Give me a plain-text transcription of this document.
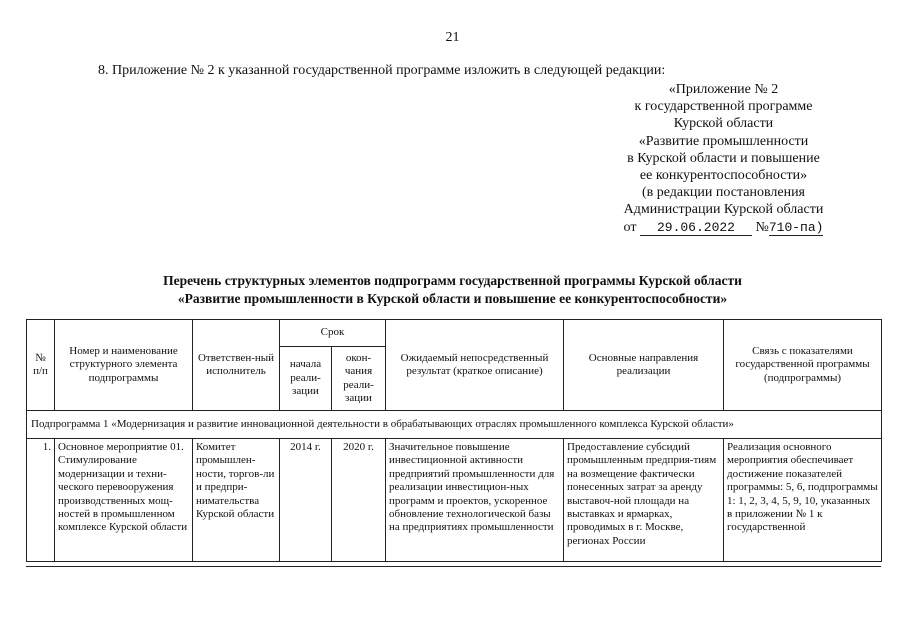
21
8. Приложение № 2 к указанной государственной программе изложить в следующей редакции:
«Приложение № 2
к государственной программе
Курской области
«Развитие промышленности
в Курской области и повышение
ее конкурентоспособности»
(в редакции постановления
Администрации Курской области
от 29.06.2022 №710-па)
Перечень структурных элементов подпрограмм государственной программы Курской области
«Развитие промышленности в Курской области и повышение ее конкурентоспособности»
№ п/п	Номер и наименование структурного элемента подпрограммы	Ответствен-ный исполнитель	Срок		Ожидаемый непосредственный результат (краткое описание)	Основные направления реализации	Связь с показателями государственной программы (подпрограммы)
			начала реали-зации	окон-чания реали-зации			
Подпрограмма 1 «Модернизация и развитие инновационной деятельности в обрабатывающих отраслях промышленного комплекса Курской области»							
1.	Основное мероприятие 01. Стимулирование модернизации и техни-ческого перевооружения производственных мощ-ностей в промышленном комплексе Курской области	Комитет промышлен-ности, торгов-ли и предпри-нимательства Курской области	2014 г.	2020 г.	Значительное повышение инвестиционной активности предприятий промышленности для реализации инвестицион-ных программ и проектов, ускоренное обновление технологической базы на предприятиях промышленности	Предоставление субсидий промышленным предприя-тиям на возмещение фактически понесенных затрат за аренду выставоч-ной площади на выставках и ярмарках, проводимых в г. Москве, регионах России	Реализация основного мероприятия обеспечивает достижение показателей программы: 5, 6, подпрограммы 1: 1, 2, 3, 4, 5, 9, 10, указанных в приложении № 1 к государственной
